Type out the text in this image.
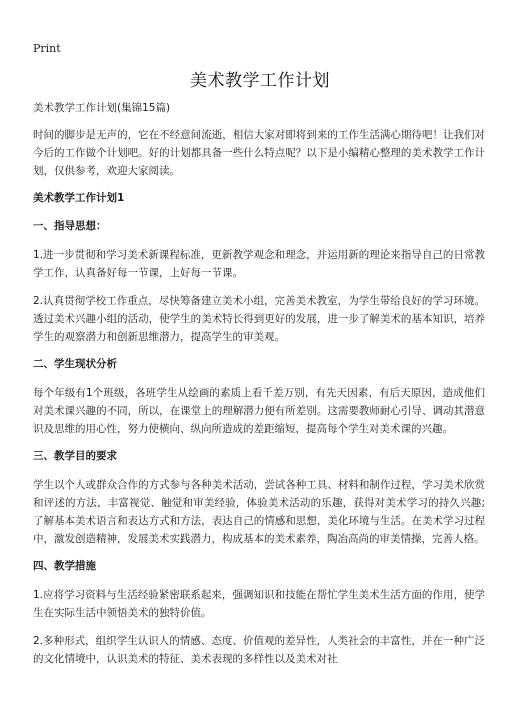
Print
美术教学工作计划
美术教学工作计划(集锦15篇)

时间的脚步是无声的，它在不经意间流逝，相信大家对即将到来的工作生活满心期待吧！让我们对今后的工作做个计划吧。好的计划都具备一些什么特点呢？以下是小编精心整理的美术教学工作计划，仅供参考，欢迎大家阅读。

美术教学工作计划1
一、指导思想：

1.进一步贯彻和学习美术新课程标准，更新教学观念和理念，并运用新的理论来指导自己的日常教学工作，认真备好每一节课，上好每一节课。

2.认真贯彻学校工作重点，尽快筹备建立美术小组，完善美术教室，为学生带给良好的学习环境。透过美术兴趣小组的活动，使学生的美术特长得到更好的发展，进一步了解美术的基本知识，培养学生的观察潜力和创新思维潜力，提高学生的审美观。

二、学生现状分析

每个年级有1个班级，各班学生从绘画的素质上看千差万别，有先天因素，有后天原因，造成他们对美术课兴趣的不同，所以，在课堂上的理解潜力便有所差别。这需要教师耐心引导、调动其潜意识及思维的用心性，努力使横向、纵向所造成的差距缩短，提高每个学生对美术课的兴趣。

三、教学目的要求

学生以个人或群众合作的方式参与各种美术活动，尝试各种工具、材料和制作过程，学习美术欣赏和评述的方法，丰富视觉、触觉和审美经验，体验美术活动的乐趣，获得对美术学习的持久兴趣;了解基本美术语言和表达方式和方法，表达自己的情感和思想，美化环境与生活。在美术学习过程中，激发创造精神，发展美术实践潜力，构成基本的美术素养，陶冶高尚的审美情操，完善人格。

四、教学措施

1.应将学习资料与生活经验紧密联系起来，强调知识和技能在帮忙学生美术生活方面的作用，使学生在实际生活中领悟美术的独特价值。

2.多种形式，组织学生认识人的情感、态度、价值观的差异性，人类社会的丰富性，并在一种广泛的文化情境中，认识美术的特征、美术表现的多样性以及美术对社
